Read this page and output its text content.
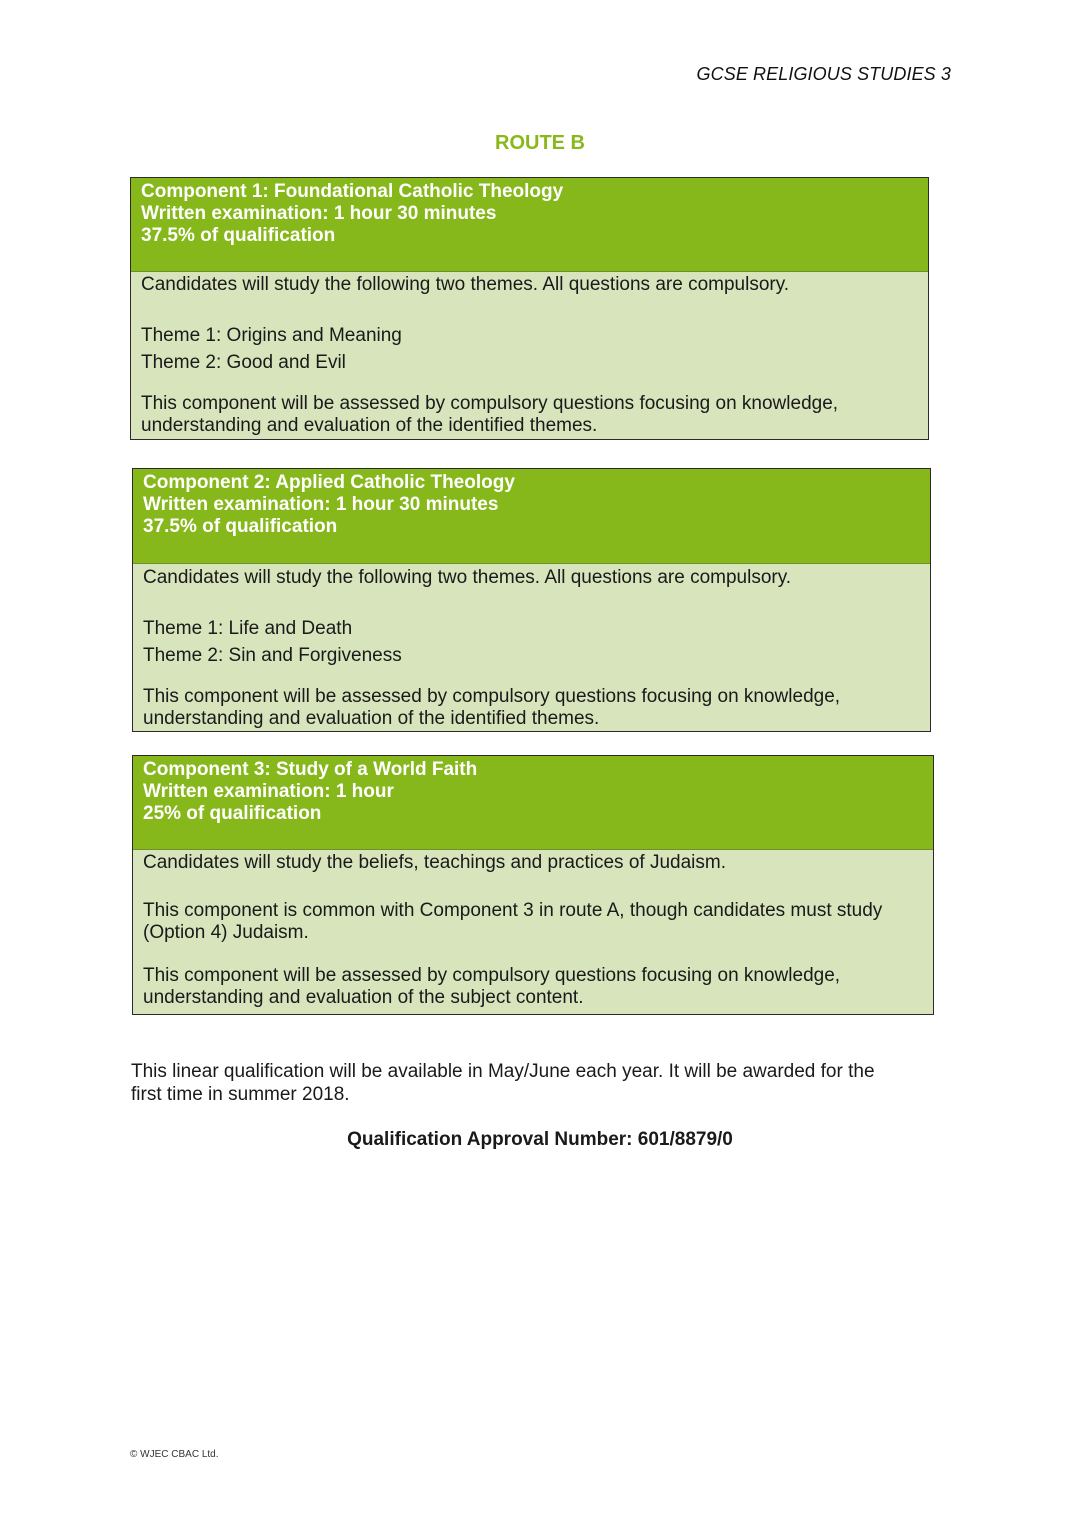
GCSE RELIGIOUS STUDIES 3
ROUTE B
Component 1: Foundational Catholic Theology
Written examination: 1 hour 30 minutes
37.5% of qualification

Candidates will study the following two themes. All questions are compulsory.

Theme 1: Origins and Meaning

Theme 2: Good and Evil

This component will be assessed by compulsory questions focusing on knowledge,

understanding and evaluation of the identified themes.

Component 2: Applied Catholic Theology
Written examination: 1 hour 30 minutes
37.5% of qualification

Candidates will study the following two themes. All questions are compulsory.

Theme 1: Life and Death

Theme 2: Sin and Forgiveness

This component will be assessed by compulsory questions focusing on knowledge,

understanding and evaluation of the identified themes.

Component 3: Study of a World Faith
Written examination: 1 hour
25% of qualification

Candidates will study the beliefs, teachings and practices of Judaism.

This component is common with Component 3 in route A, though candidates must study

(Option 4) Judaism.

This component will be assessed by compulsory questions focusing on knowledge,

understanding and evaluation of the subject content.

This linear qualification will be available in May/June each year. It will be awarded for the
first time in summer 2018.
Qualification Approval Number: 601/8879/0
© WJEC CBAC Ltd.
